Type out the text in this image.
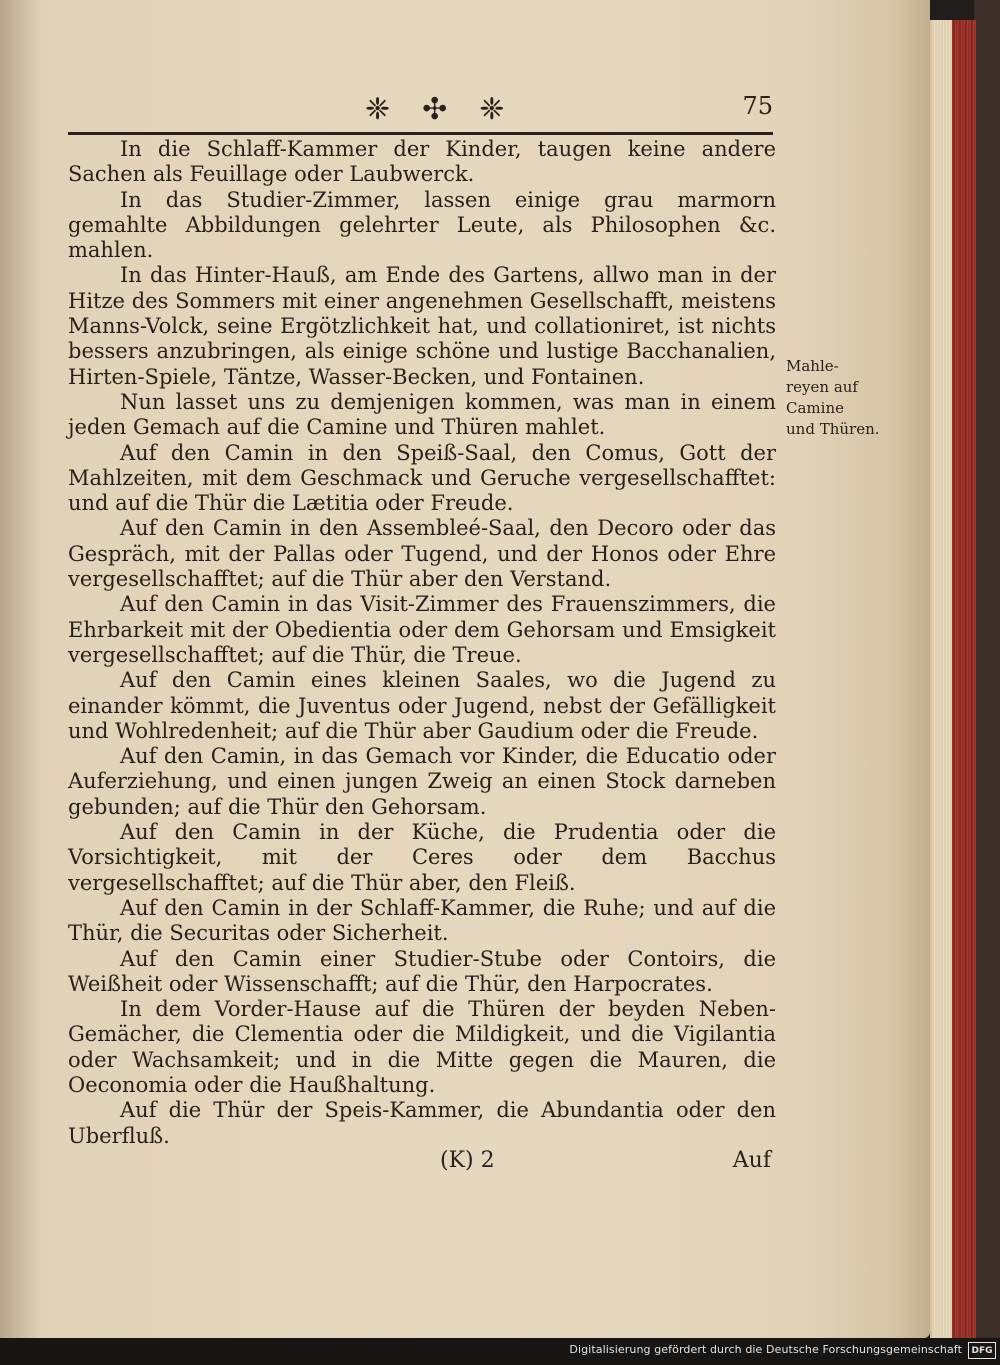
❈ ✣ ❈	75

In die Schlaff-Kammer der Kinder, taugen keine andere Sachen als Feuillage oder Laubwerck.

In das Studier-Zimmer, lassen einige grau marmorn gemahlte Abbildungen gelehrter Leute, als Philosophen &c. mahlen.

In das Hinter-Hauß, am Ende des Gartens, allwo man in der Hitze des Sommers mit einer angenehmen Gesellschafft, meistens Manns-Volck, seine Ergötzlichkeit hat, und collationiret, ist nichts bessers anzubringen, als einige schöne und lustige Bacchanalien, Hirten-Spiele, Täntze, Wasser-Becken, und Fontainen.

Nun lasset uns zu demjenigen kommen, was man in einem jeden Gemach auf die Camine und Thüren mahlet.

Auf den Camin in den Speiß-Saal, den Comus, Gott der Mahlzeiten, mit dem Geschmack und Geruche vergesellschafftet: und auf die Thür die Lætitia oder Freude.

Auf den Camin in den Assembleé-Saal, den Decoro oder das Gespräch, mit der Pallas oder Tugend, und der Honos oder Ehre vergesellschafftet; auf die Thür aber den Verstand.

Auf den Camin in das Visit-Zimmer des Frauenszimmers, die Ehrbarkeit mit der Obedientia oder dem Gehorsam und Emsigkeit vergesellschafftet; auf die Thür, die Treue.

Auf den Camin eines kleinen Saales, wo die Jugend zu einander kömmt, die Juventus oder Jugend, nebst der Gefälligkeit und Wohlredenheit; auf die Thür aber Gaudium oder die Freude.

Auf den Camin, in das Gemach vor Kinder, die Educatio oder Auferziehung, und einen jungen Zweig an einen Stock darneben gebunden; auf die Thür den Gehorsam.

Auf den Camin in der Küche, die Prudentia oder die Vorsichtigkeit, mit der Ceres oder dem Bacchus vergesellschafftet; auf die Thür aber, den Fleiß.

Auf den Camin in der Schlaff-Kammer, die Ruhe; und auf die Thür, die Securitas oder Sicherheit.

Auf den Camin einer Studier-Stube oder Contoirs, die Weißheit oder Wissenschafft; auf die Thür, den Harpocrates.

In dem Vorder-Hause auf die Thüren der beyden Neben-Gemächer, die Clementia oder die Mildigkeit, und die Vigilantia oder Wachsamkeit; und in die Mitte gegen die Mauren, die Oeconomia oder die Haußhaltung.

Auf die Thür der Speis-Kammer, die Abundantia oder den Uberfluß.

Mahle-
reyen auf
Camine
und Thüren.
(K) 2	Auf
Digitalisierung gefördert durch die Deutsche Forschungsgemeinschaft	DFG
